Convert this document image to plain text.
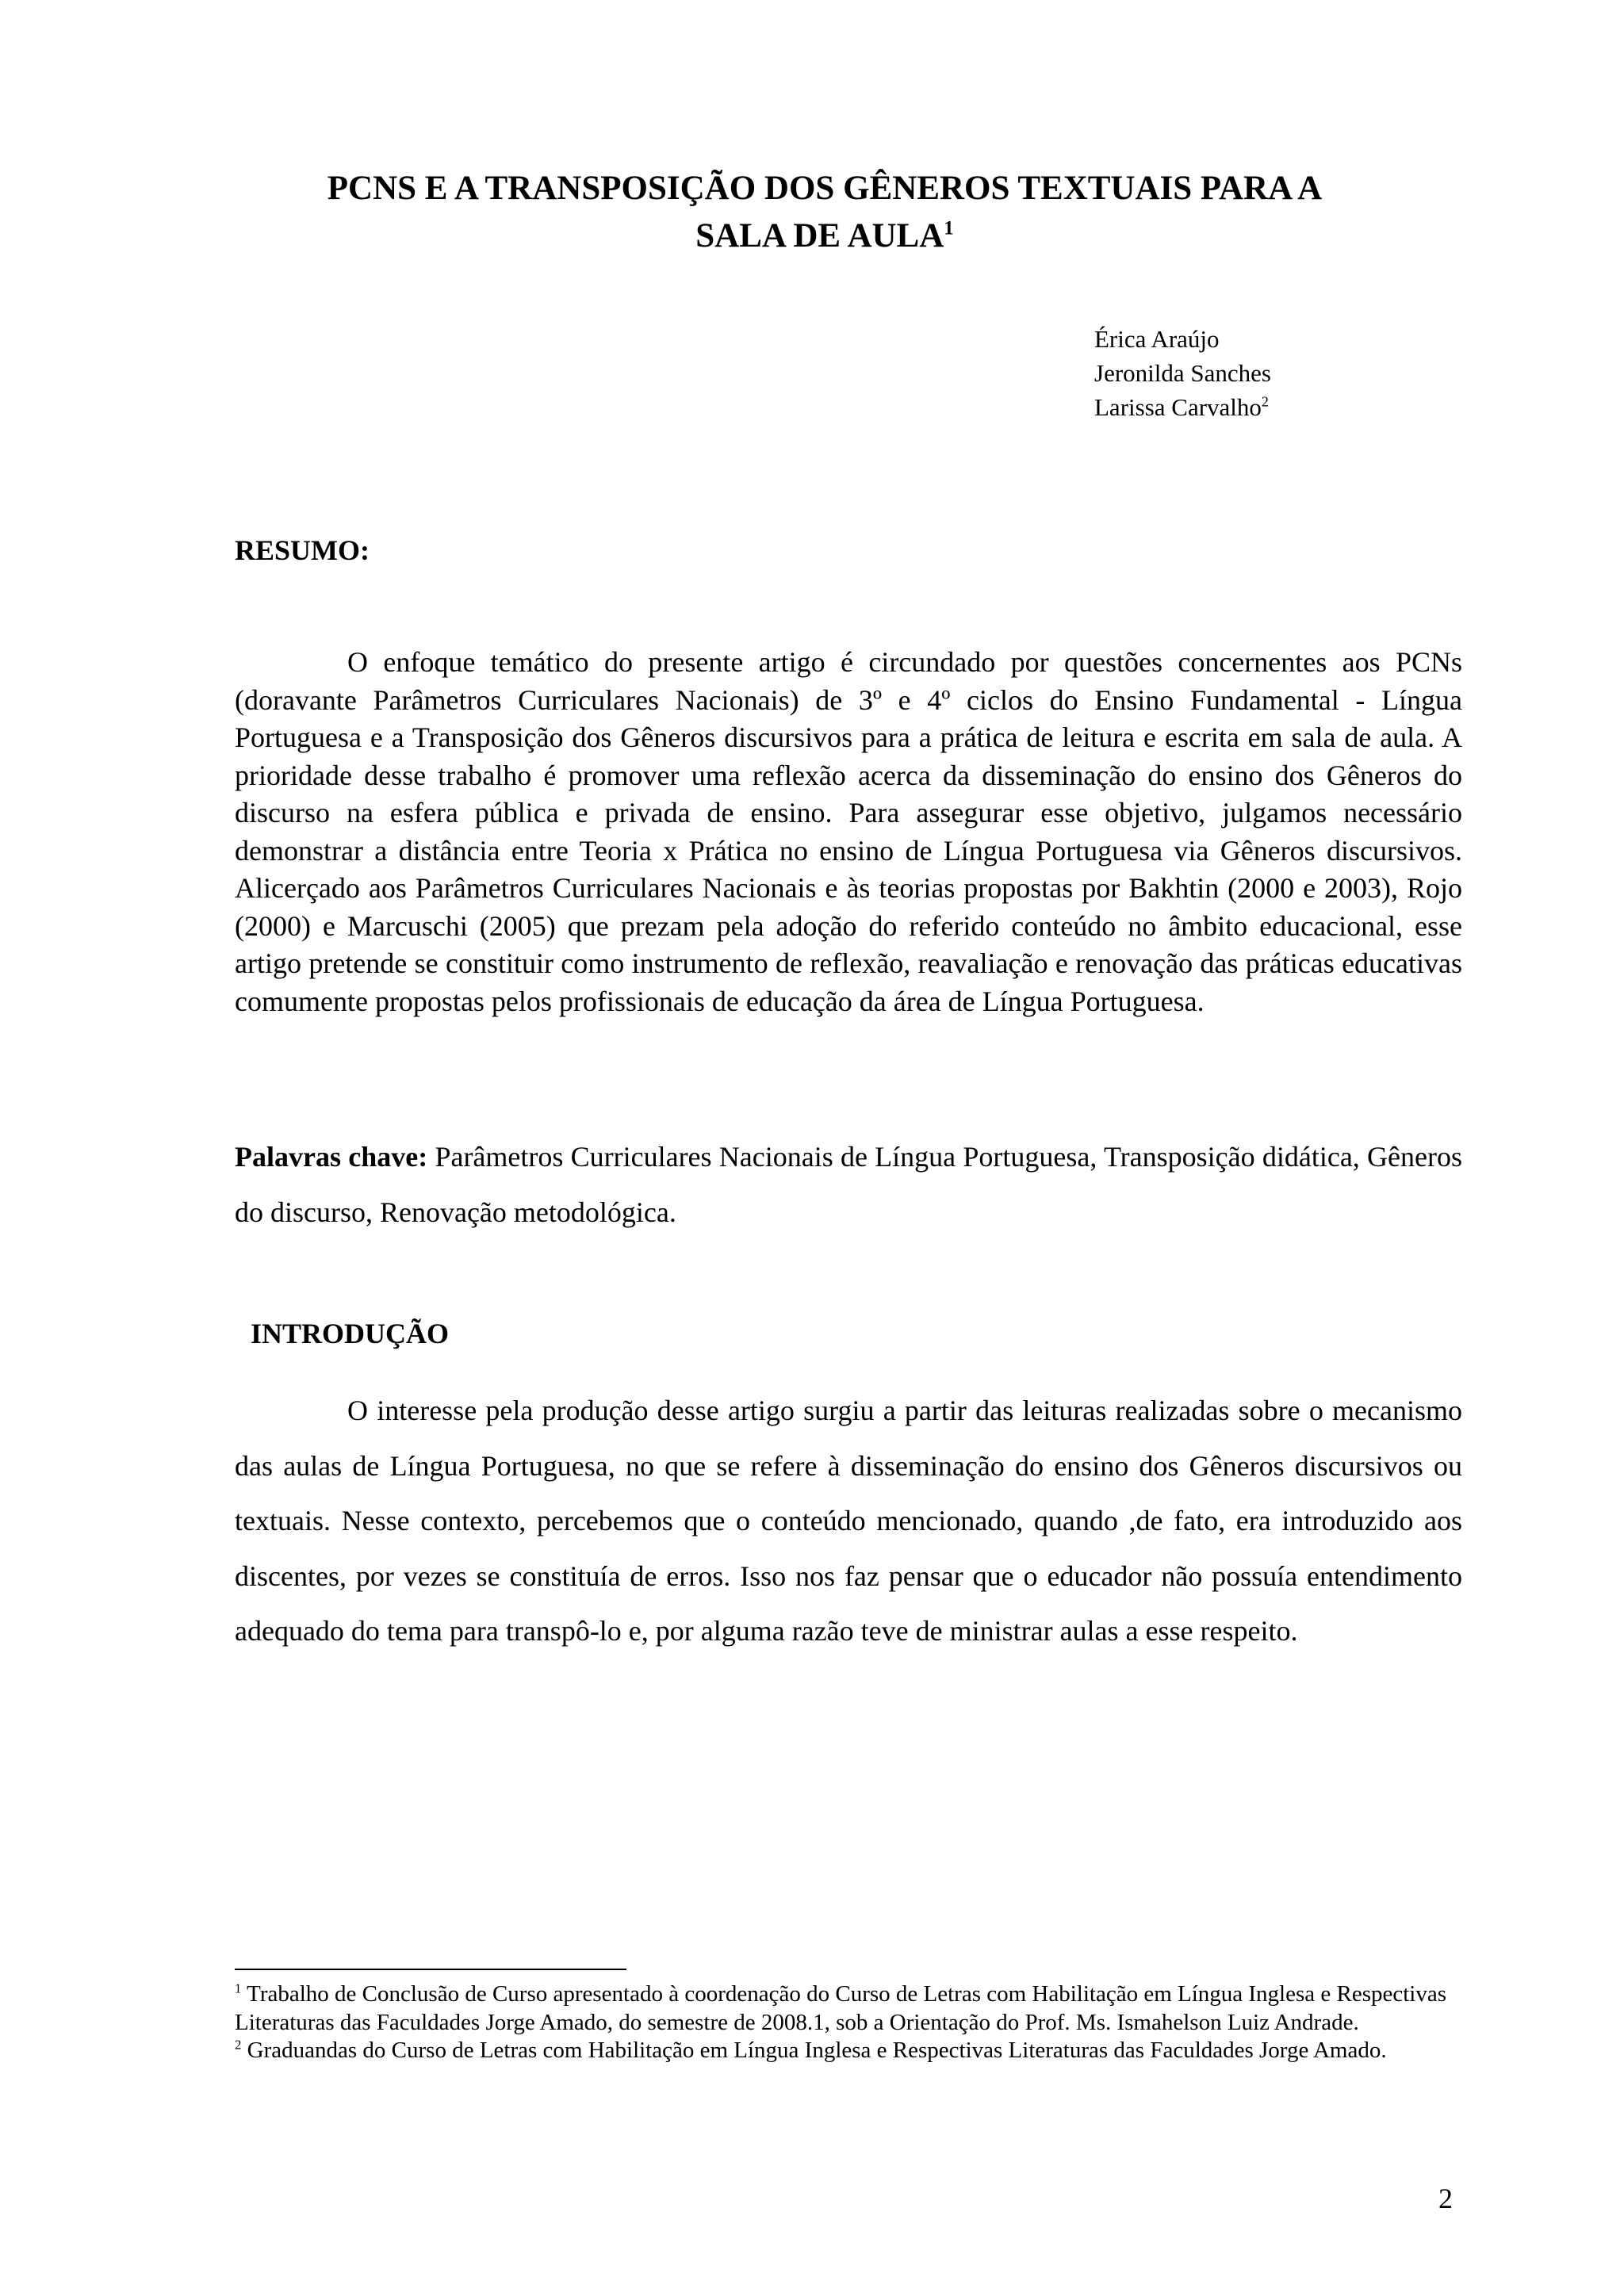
PCNS E A TRANSPOSIÇÃO DOS GÊNEROS TEXTUAIS PARA A
SALA DE AULA$^1$
Érica Araújo
Jeronilda Sanches
Larissa Carvalho$^2$
RESUMO:

O enfoque temático do presente artigo é circundado por questões concernentes aos PCNs (doravante Parâmetros Curriculares Nacionais) de 3º e 4º ciclos do Ensino Fundamental - Língua Portuguesa e a Transposição dos Gêneros discursivos para a prática de leitura e escrita em sala de aula. A prioridade desse trabalho é promover uma reflexão acerca da disseminação do ensino dos Gêneros do discurso na esfera pública e privada de ensino. Para assegurar esse objetivo, julgamos necessário demonstrar a distância entre Teoria x Prática no ensino de Língua Portuguesa via Gêneros discursivos. Alicerçado aos Parâmetros Curriculares Nacionais e às teorias propostas por Bakhtin (2000 e 2003), Rojo (2000) e Marcuschi (2005) que prezam pela adoção do referido conteúdo no âmbito educacional, esse artigo pretende se constituir como instrumento de reflexão, reavaliação e renovação das práticas educativas comumente propostas pelos profissionais de educação da área de Língua Portuguesa.

Palavras chave: Parâmetros Curriculares Nacionais de Língua Portuguesa, Transposição didática, Gêneros do discurso, Renovação metodológica.

INTRODUÇÃO

O interesse pela produção desse artigo surgiu a partir das leituras realizadas sobre o mecanismo das aulas de Língua Portuguesa, no que se refere à disseminação do ensino dos Gêneros discursivos ou textuais. Nesse contexto, percebemos que o conteúdo mencionado, quando ,de fato, era introduzido aos discentes, por vezes se constituía de erros. Isso nos faz pensar que o educador não possuía entendimento adequado do tema para transpô-lo e, por alguma razão teve de ministrar aulas a esse respeito.

$^1$ Trabalho de Conclusão de Curso apresentado à coordenação do Curso de Letras com Habilitação em Língua Inglesa e Respectivas Literaturas das Faculdades Jorge Amado, do semestre de 2008.1, sob a Orientação do Prof. Ms. Ismahelson Luiz Andrade.

$^2$ Graduandas do Curso de Letras com Habilitação em Língua Inglesa e Respectivas Literaturas das Faculdades Jorge Amado.

2
